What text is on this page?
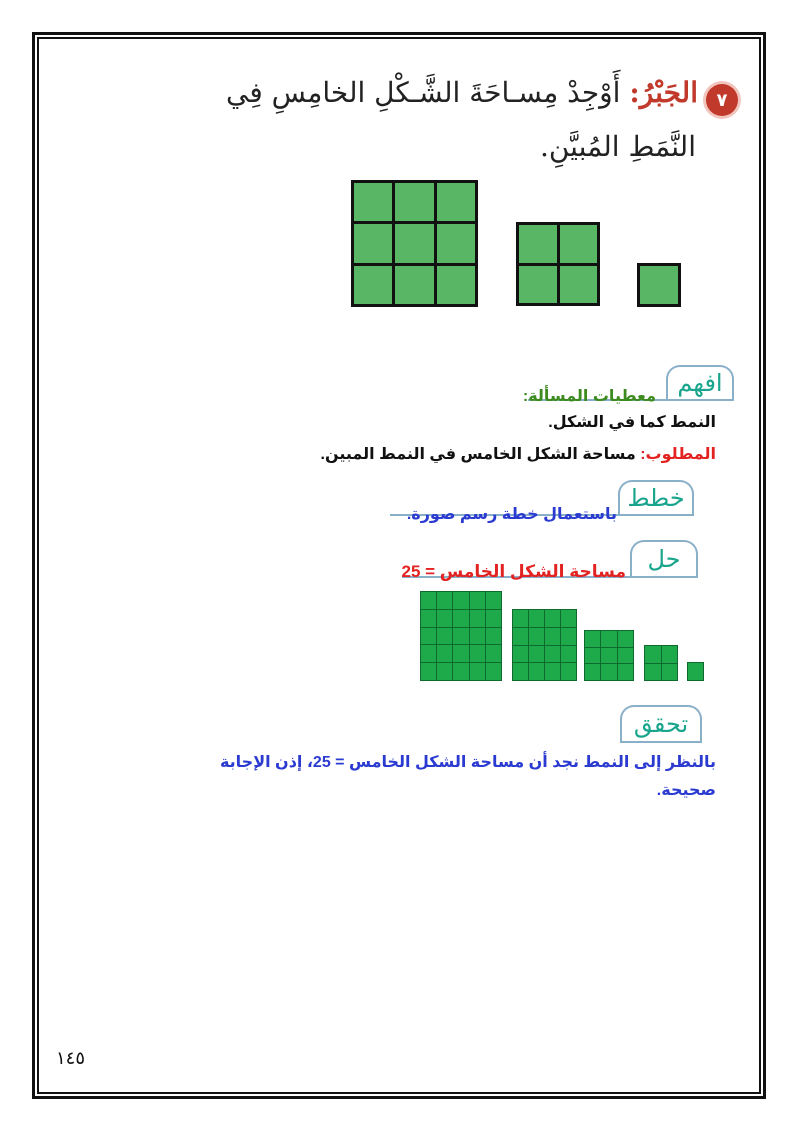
٧
الجَبْرُ: أَوْجِدْ مِسـاحَةَ الشَّـكْلِ الخامِسِ فِي
النَّمَطِ المُبيَّنِ.
افهم
معطيات المسألة:
النمط كما في الشكل.
المطلوب: مساحة الشكل الخامس في النمط المبين.
خطط
باستعمال خطة رسم صورة.
حل
مساحة الشكل الخامس = 25
تحقق
بالنظر إلى النمط نجد أن مساحة الشكل الخامس = 25، إذن الإجابة
صحيحة.
١٤٥
